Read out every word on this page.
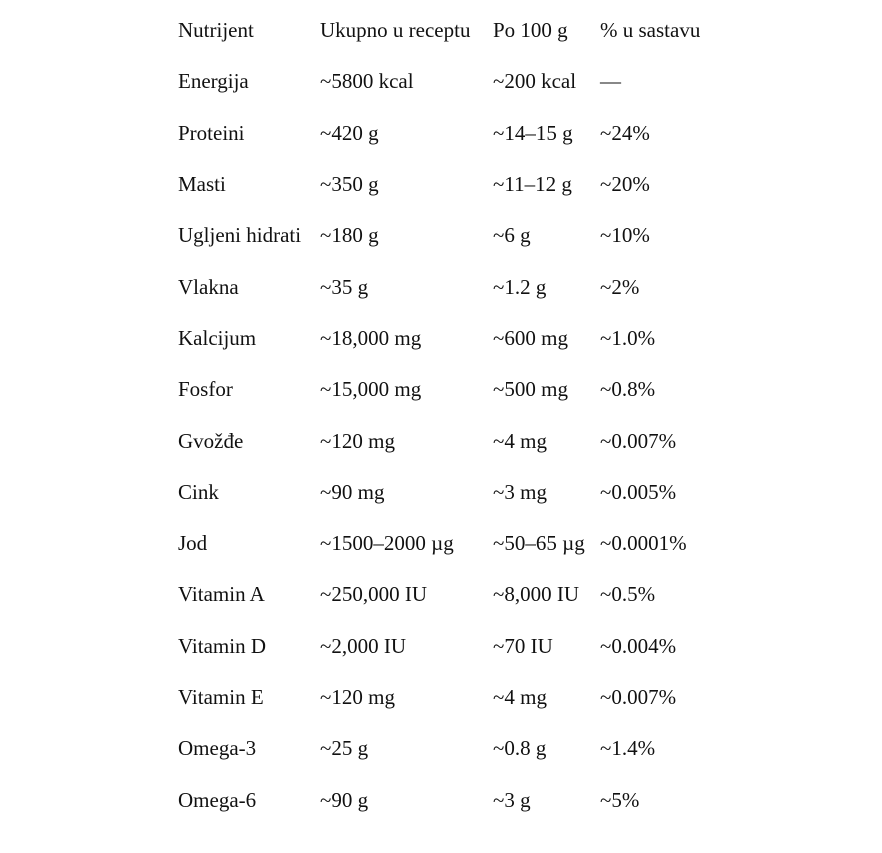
Nutrijent	Ukupno u receptu	Po 100 g	% u sastavu
Energija	~5800 kcal	~200 kcal	—
Proteini	~420 g	~14–15 g	~24%
Masti	~350 g	~11–12 g	~20%
Ugljeni hidrati	~180 g	~6 g	~10%
Vlakna	~35 g	~1.2 g	~2%
Kalcijum	~18,000 mg	~600 mg	~1.0%
Fosfor	~15,000 mg	~500 mg	~0.8%
Gvožđe	~120 mg	~4 mg	~0.007%
Cink	~90 mg	~3 mg	~0.005%
Jod	~1500–2000 µg	~50–65 µg	~0.0001%
Vitamin A	~250,000 IU	~8,000 IU	~0.5%
Vitamin D	~2,000 IU	~70 IU	~0.004%
Vitamin E	~120 mg	~4 mg	~0.007%
Omega-3	~25 g	~0.8 g	~1.4%
Omega-6	~90 g	~3 g	~5%
